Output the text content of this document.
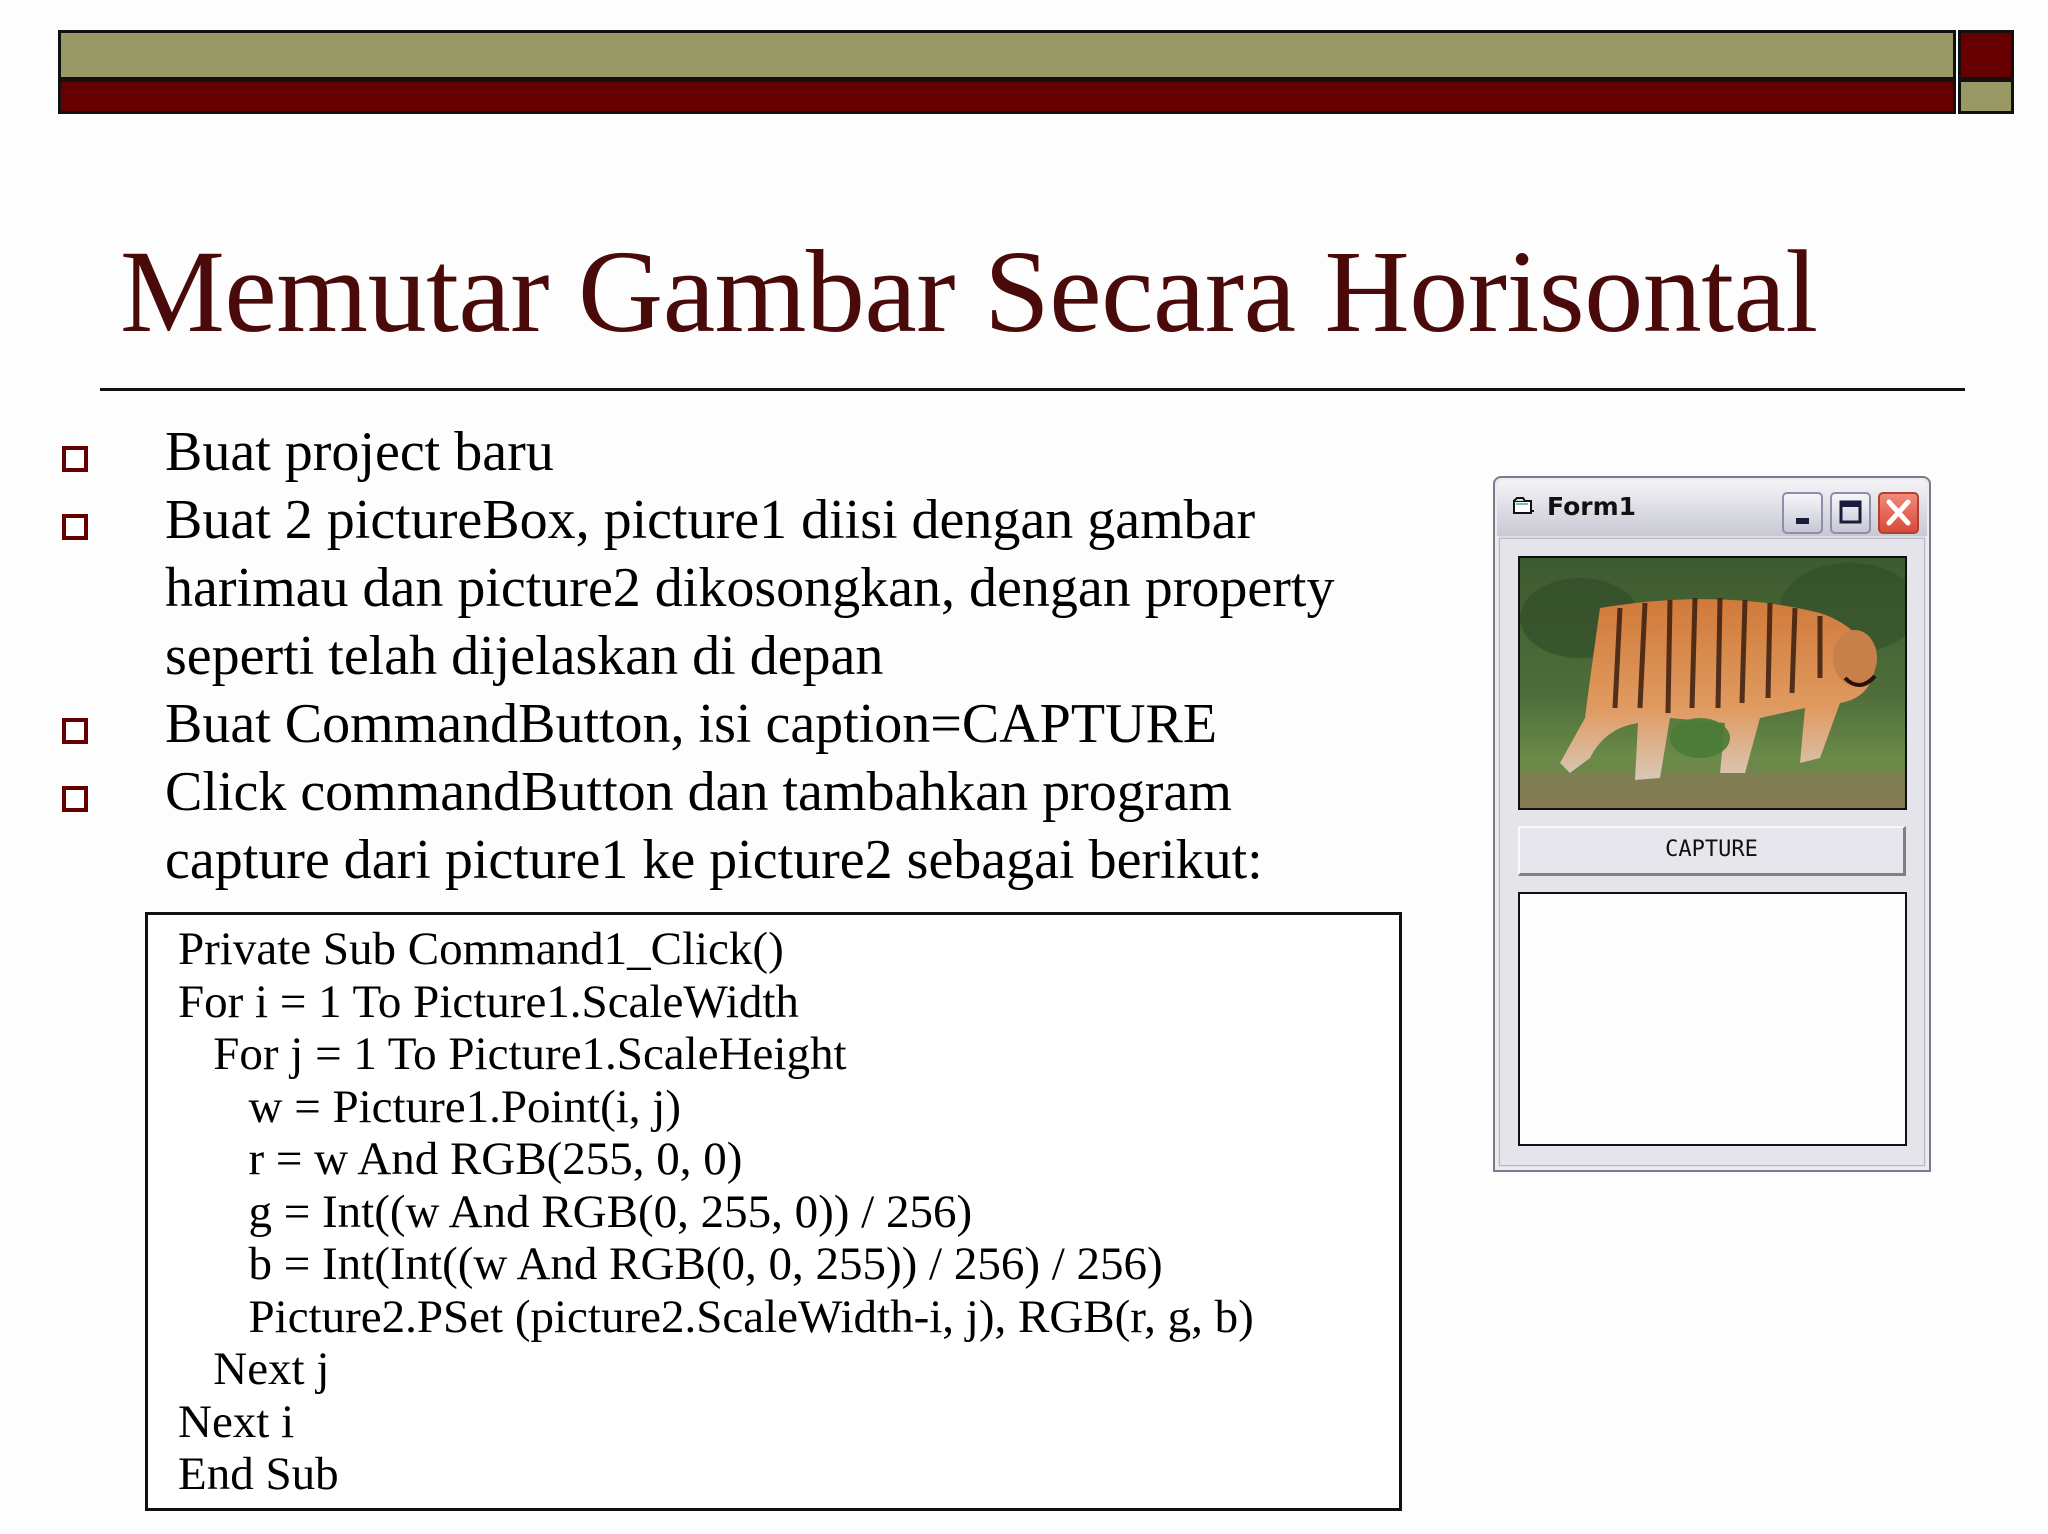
Memutar Gambar Secara Horisontal
Buat project baru
Buat 2 pictureBox, picture1 diisi dengan gambar
harimau dan picture2 dikosongkan, dengan property
seperti telah dijelaskan di depan
Buat CommandButton, isi caption=CAPTURE
Click commandButton dan tambahkan program
capture dari picture1 ke picture2 sebagai berikut:
Private Sub Command1_Click()
For i = 1 To Picture1.ScaleWidth
For j = 1 To Picture1.ScaleHeight
w = Picture1.Point(i, j)
r = w And RGB(255, 0, 0)
g = Int((w And RGB(0, 255, 0)) / 256)
b = Int(Int((w And RGB(0, 0, 255)) / 256) / 256)
Picture2.PSet (picture2.ScaleWidth-i, j), RGB(r, g, b)
Next j
Next i
End Sub
Form1
CAPTURE
